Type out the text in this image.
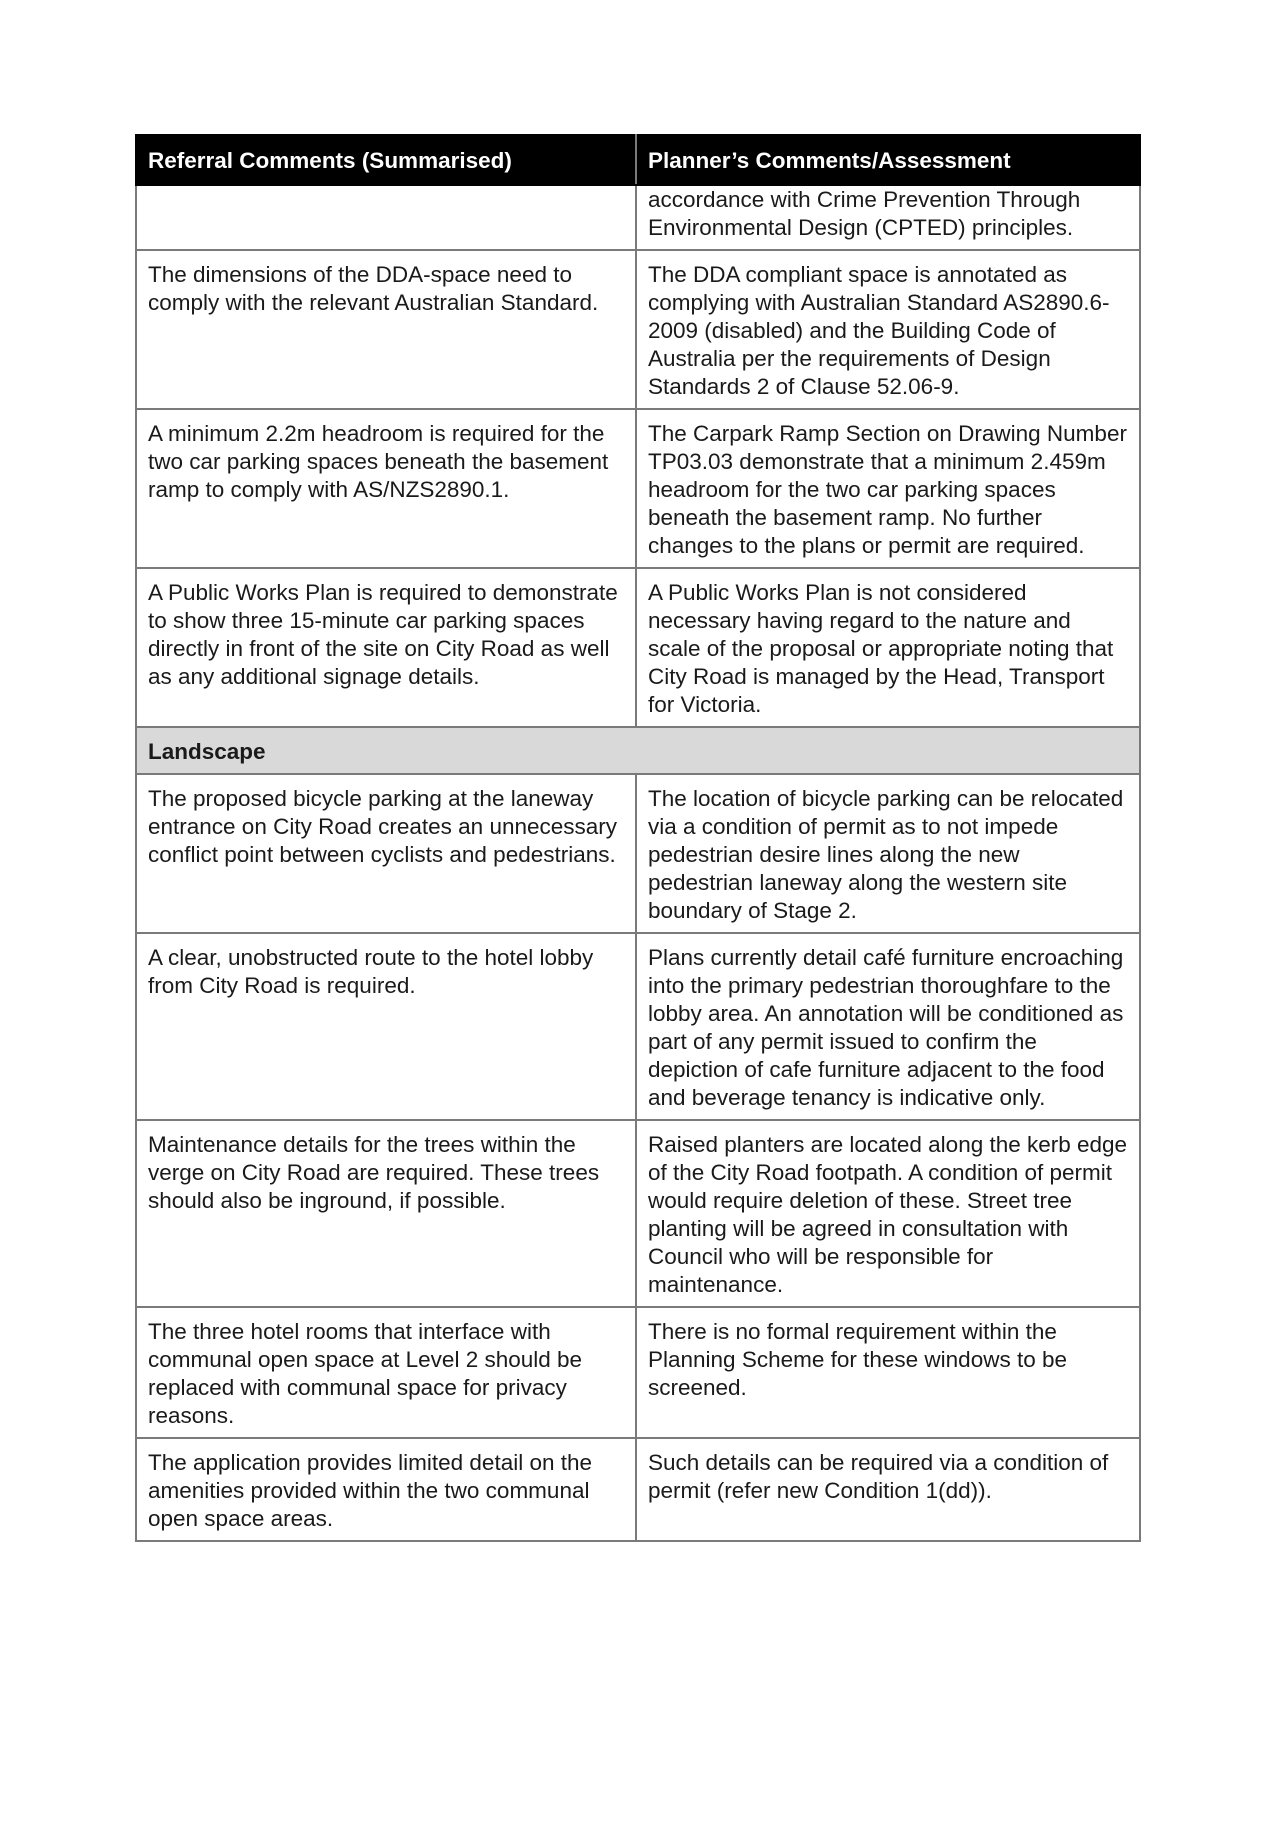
Referral Comments (Summarised)	Planner’s Comments/Assessment
	accordance with Crime Prevention Through Environmental Design (CPTED) principles.
The dimensions of the DDA-space need to comply with the relevant Australian Standard.	The DDA compliant space is annotated as complying with Australian Standard AS2890.6-2009 (disabled) and the Building Code of Australia per the requirements of Design Standards 2 of Clause 52.06-9.
A minimum 2.2m headroom is required for the two car parking spaces beneath the basement ramp to comply with AS/NZS2890.1.	The Carpark Ramp Section on Drawing Number TP03.03 demonstrate that a minimum 2.459m headroom for the two car parking spaces beneath the basement ramp. No further changes to the plans or permit are required.
A Public Works Plan is required to demonstrate to show three 15-minute car parking spaces directly in front of the site on City Road as well as any additional signage details.	A Public Works Plan is not considered necessary having regard to the nature and scale of the proposal or appropriate noting that City Road is managed by the Head, Transport for Victoria.
Landscape	
The proposed bicycle parking at the laneway entrance on City Road creates an unnecessary conflict point between cyclists and pedestrians.	The location of bicycle parking can be relocated via a condition of permit as to not impede pedestrian desire lines along the new pedestrian laneway along the western site boundary of Stage 2.
A clear, unobstructed route to the hotel lobby from City Road is required.	Plans currently detail café furniture encroaching into the primary pedestrian thoroughfare to the lobby area. An annotation will be conditioned as part of any permit issued to confirm the depiction of cafe furniture adjacent to the food and beverage tenancy is indicative only.
Maintenance details for the trees within the verge on City Road are required. These trees should also be inground, if possible.	Raised planters are located along the kerb edge of the City Road footpath. A condition of permit would require deletion of these. Street tree planting will be agreed in consultation with Council who will be responsible for maintenance.
The three hotel rooms that interface with communal open space at Level 2 should be replaced with communal space for privacy reasons.	There is no formal requirement within the Planning Scheme for these windows to be screened.
The application provides limited detail on the amenities provided within the two communal open space areas.	Such details can be required via a condition of permit (refer new Condition 1(dd)).
